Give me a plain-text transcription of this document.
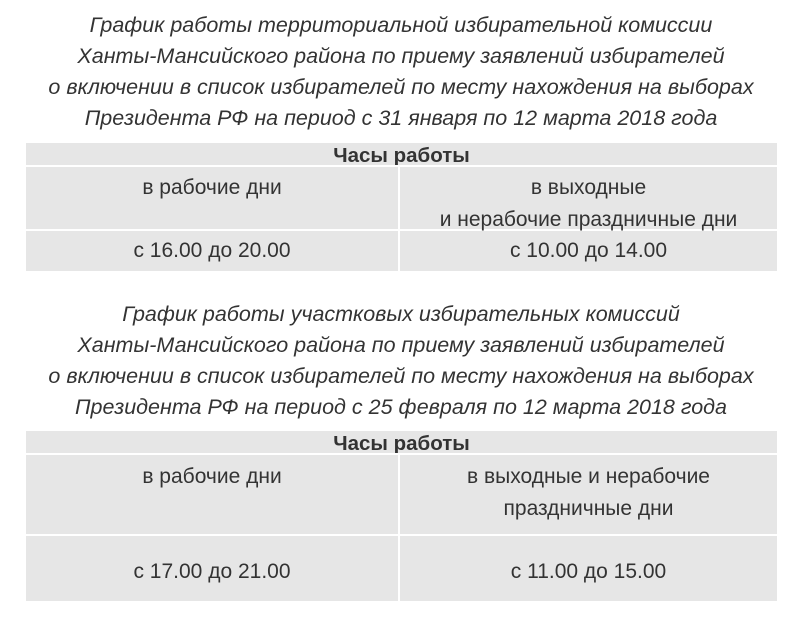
График работы территориальной избирательной комиссии
Ханты-Мансийского района по приему заявлений избирателей
о включении в список избирателей по месту нахождения на выборах
Президента РФ на период с 31 января по 12 марта 2018 года
Часы работы
в рабочие дни	в выходные
и нерабочие праздничные дни
с 16.00 до 20.00	с 10.00 до 14.00
График работы участковых избирательных комиссий
Ханты-Мансийского района по приему заявлений избирателей
о включении в список избирателей по месту нахождения на выборах
Президента РФ на период с 25 февраля по 12 марта 2018 года
Часы работы
в рабочие дни	в выходные и нерабочие
праздничные дни
с 17.00 до 21.00	с 11.00 до 15.00
